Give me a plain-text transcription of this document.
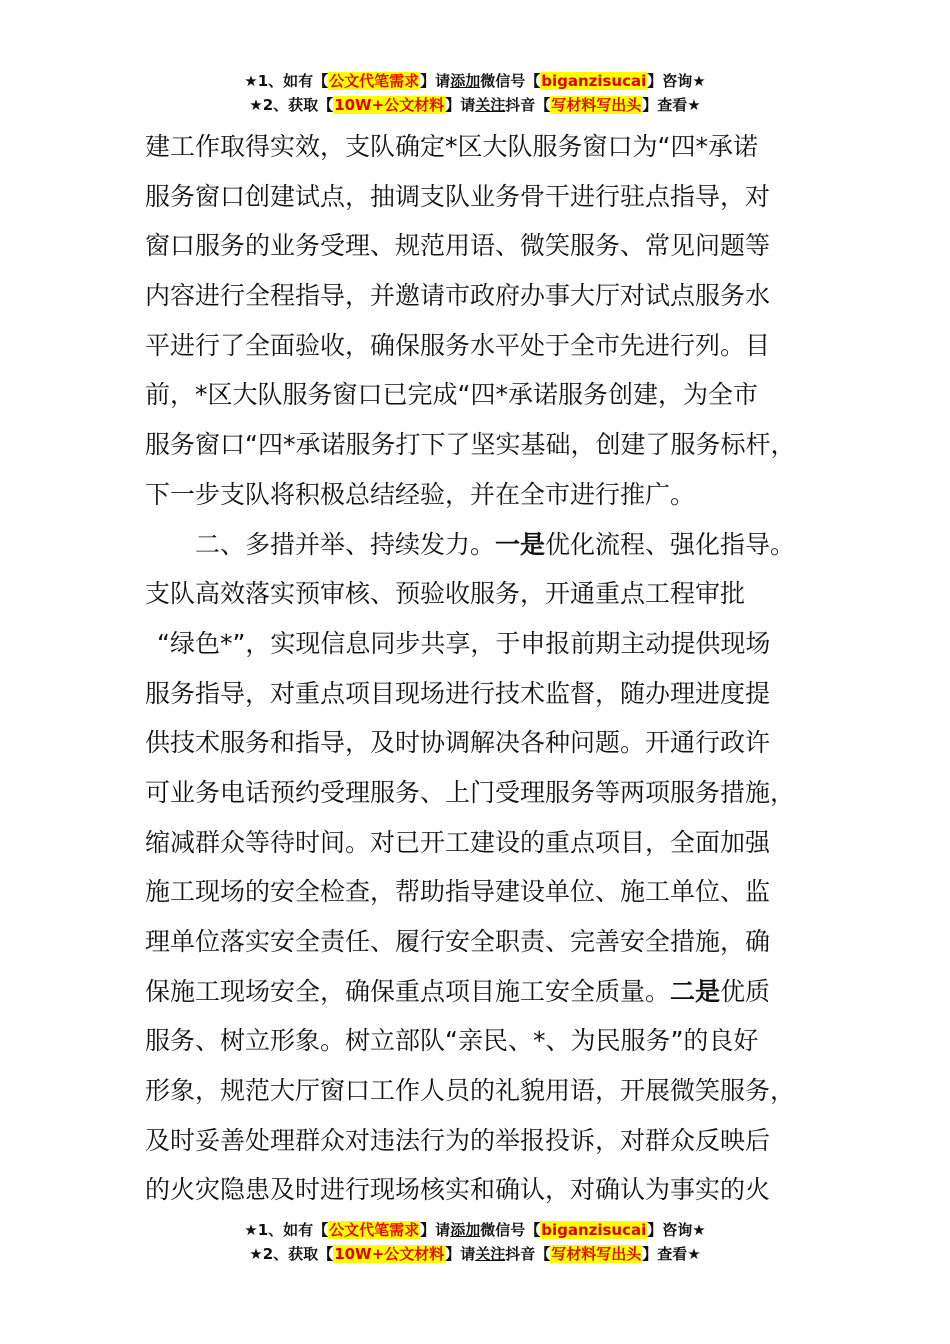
★1、如有【公文代笔需求】请添加微信号【biganzisucai】咨询★
★2、获取【10W+公文材料】请关注抖音【写材料写出头】查看★
建工作取得实效，支队确定*区大队服务窗口为“四*承诺
服务窗口创建试点，抽调支队业务骨干进行驻点指导，对
窗口服务的业务受理、规范用语、微笑服务、常见问题等
内容进行全程指导，并邀请市政府办事大厅对试点服务水
平进行了全面验收，确保服务水平处于全市先进行列。目
前，*区大队服务窗口已完成“四*承诺服务创建，为全市
服务窗口“四*承诺服务打下了坚实基础，创建了服务标杆，
下一步支队将积极总结经验，并在全市进行推广。
二、多措并举、持续发力。一是优化流程、强化指导。
支队高效落实预审核、预验收服务，开通重点工程审批
“绿色*”，实现信息同步共享，于申报前期主动提供现场
服务指导，对重点项目现场进行技术监督，随办理进度提
供技术服务和指导，及时协调解决各种问题。开通行政许
可业务电话预约受理服务、上门受理服务等两项服务措施，
缩减群众等待时间。对已开工建设的重点项目，全面加强
施工现场的安全检查，帮助指导建设单位、施工单位、监
理单位落实安全责任、履行安全职责、完善安全措施，确
保施工现场安全，确保重点项目施工安全质量。二是优质
服务、树立形象。树立部队“亲民、*、为民服务”的良好
形象，规范大厅窗口工作人员的礼貌用语，开展微笑服务，
及时妥善处理群众对违法行为的举报投诉，对群众反映后
的火灾隐患及时进行现场核实和确认，对确认为事实的火
★1、如有【公文代笔需求】请添加微信号【biganzisucai】咨询★
★2、获取【10W+公文材料】请关注抖音【写材料写出头】查看★
